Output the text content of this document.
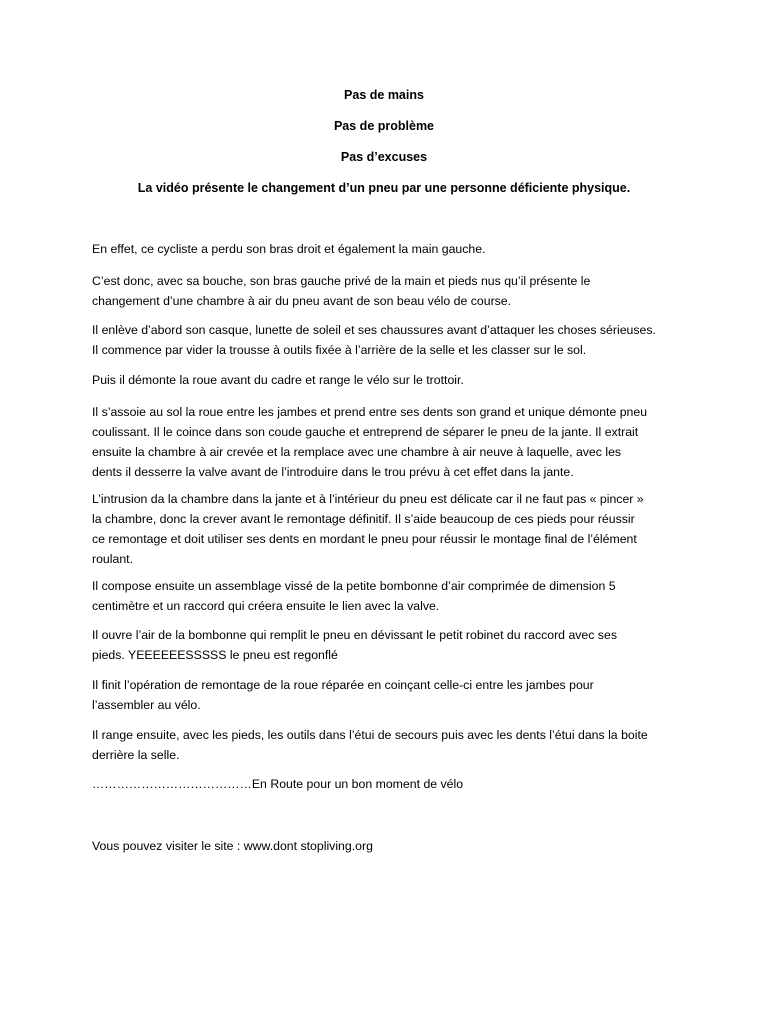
Pas de mains

Pas de problème

Pas d’excuses

La vidéo présente le changement d’un pneu par une personne déficiente physique.

En effet, ce cycliste a perdu son bras droit et également la main gauche.
C’est donc, avec sa bouche, son bras gauche privé de la main et pieds nus qu’il présente le
changement d’une chambre à air du pneu avant de son beau vélo de course.
Il enlève d’abord son casque, lunette de soleil et ses chaussures avant d’attaquer les choses sérieuses.
Il commence par vider la trousse à outils fixée à l’arrière de la selle et les classer sur le sol.
Puis il démonte la roue avant du cadre et range le vélo sur le trottoir.
Il s’assoie au sol la roue entre les jambes et prend entre ses dents son grand et unique démonte pneu
coulissant. Il le coince dans son coude gauche et entreprend de séparer le pneu de la jante. Il extrait
ensuite la chambre à air crevée et la remplace avec une chambre à air neuve à laquelle, avec les
dents il desserre la valve avant de l’introduire dans le trou prévu à cet effet dans la jante.
L’intrusion da la chambre dans la jante et à l’intérieur du pneu est délicate car il ne faut pas « pincer »
la chambre, donc la crever avant le remontage définitif. Il s’aide beaucoup de ces pieds pour réussir
ce remontage et doit utiliser ses dents en mordant le pneu pour réussir le montage final de l’élément
roulant.
Il compose ensuite un assemblage vissé de la petite bombonne d’air comprimée de dimension 5
centimètre et un raccord qui créera ensuite le lien avec la valve.
Il ouvre l’air de la bombonne qui remplit le pneu en dévissant le petit robinet du raccord avec ses
pieds. YEEEEEESSSSS le pneu est regonflé
Il finit l’opération de remontage de la roue réparée en coinçant celle-ci entre les jambes pour
l’assembler au vélo.
Il range ensuite, avec les pieds, les outils dans l’étui de secours puis avec les dents l’étui dans la boite
derrière la selle.
…………………………………En Route pour un bon moment de vélo
Vous pouvez visiter le site : www.dont stopliving.org
